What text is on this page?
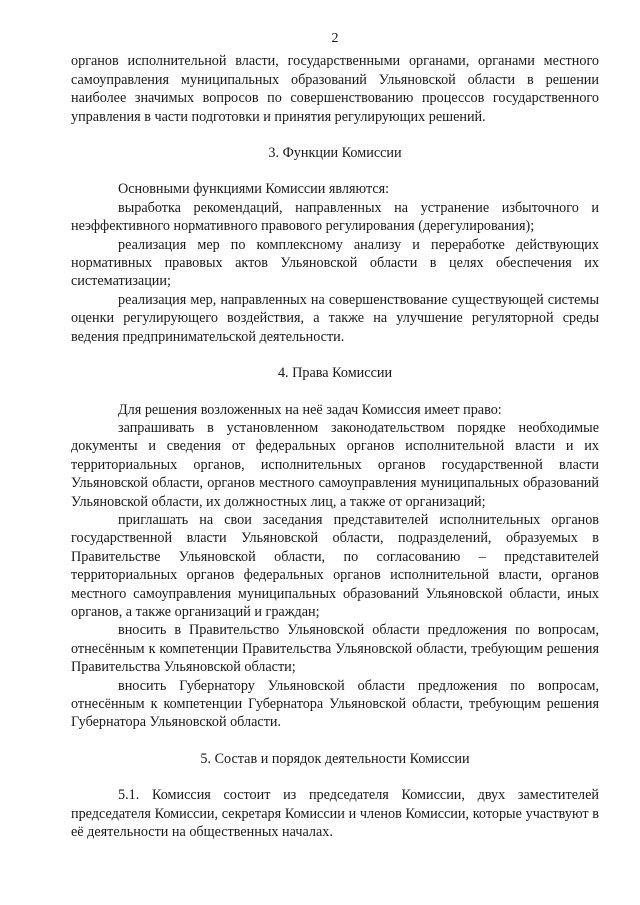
2

органов исполнительной власти, государственными органами, органами местного самоуправления муниципальных образований Ульяновской области в решении наиболее значимых вопросов по совершенствованию процессов государственного управления в части подготовки и принятия регулирующих решений.

3. Функции Комиссии

Основными функциями Комиссии являются:

выработка рекомендаций, направленных на устранение избыточного и неэффективного нормативного правового регулирования (дерегулирования);

реализация мер по комплексному анализу и переработке действующих нормативных правовых актов Ульяновской области в целях обеспечения их систематизации;

реализация мер, направленных на совершенствование существующей системы оценки регулирующего воздействия, а также на улучшение регуляторной среды ведения предпринимательской деятельности.

4. Права Комиссии

Для решения возложенных на неё задач Комиссия имеет право:

запрашивать в установленном законодательством порядке необходимые документы и сведения от федеральных органов исполнительной власти и их территориальных органов, исполнительных органов государственной власти Ульяновской области, органов местного самоуправления муниципальных образований Ульяновской области, их должностных лиц, а также от организаций;

приглашать на свои заседания представителей исполнительных органов государственной власти Ульяновской области, подразделений, образуемых в Правительстве Ульяновской области, по согласованию – представителей территориальных органов федеральных органов исполнительной власти, органов местного самоуправления муниципальных образований Ульяновской области, иных органов, а также организаций и граждан;

вносить в Правительство Ульяновской области предложения по вопросам, отнесённым к компетенции Правительства Ульяновской области, требующим решения Правительства Ульяновской области;

вносить Губернатору Ульяновской области предложения по вопросам, отнесённым к компетенции Губернатора Ульяновской области, требующим решения Губернатора Ульяновской области.

5. Состав и порядок деятельности Комиссии

5.1. Комиссия состоит из председателя Комиссии, двух заместителей председателя Комиссии, секретаря Комиссии и членов Комиссии, которые участвуют в её деятельности на общественных началах.
